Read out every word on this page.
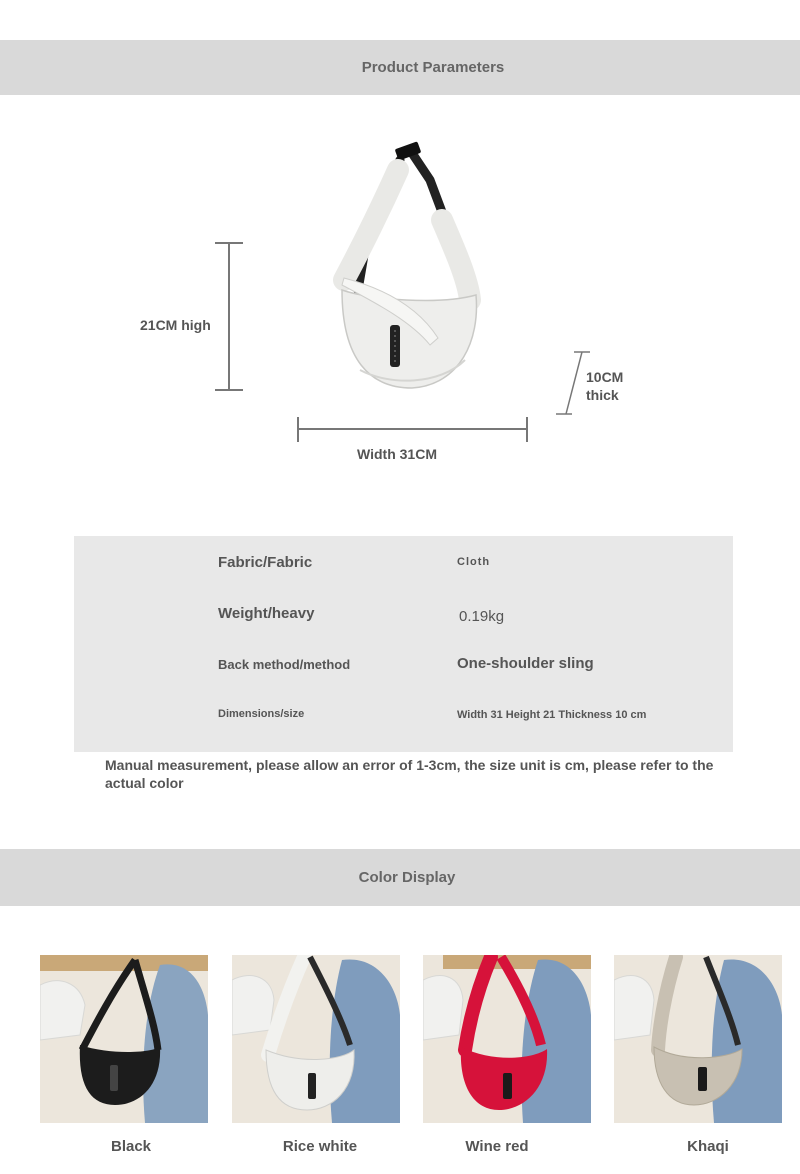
Product Parameters
21CM high
Width 31CM
10CM
thick
Fabric/Fabric	Cloth
Weight/heavy	0.19kg
Back method/method	One-shoulder sling
Dimensions/size	Width 31 Height 21 Thickness 10 cm
Manual measurement, please allow an error of 1-3cm, the size unit is cm, please refer to the actual color
Color Display
Black	Rice white	Wine red	Khaqi
